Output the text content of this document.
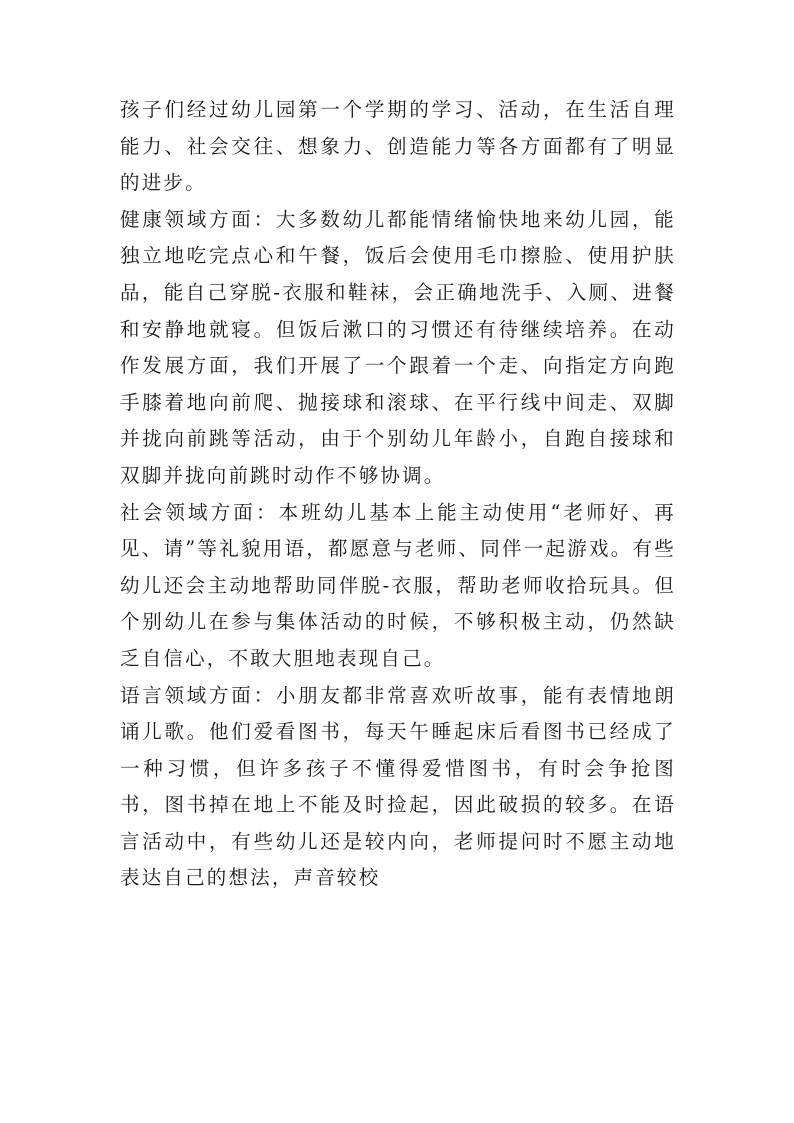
孩子们经过幼儿园第一个学期的学习、活动，在生活自理能力、社会交往、想象力、创造能力等各方面都有了明显的进步。

健康领域方面：大多数幼儿都能情绪愉快地来幼儿园，能独立地吃完点心和午餐，饭后会使用毛巾擦脸、使用护肤品，能自己穿脱-衣服和鞋袜，会正确地洗手、入厕、进餐和安静地就寝。但饭后漱口的习惯还有待继续培养。在动作发展方面，我们开展了一个跟着一个走、向指定方向跑手膝着地向前爬、抛接球和滚球、在平行线中间走、双脚并拢向前跳等活动，由于个别幼儿年龄小，自跑自接球和双脚并拢向前跳时动作不够协调。

社会领域方面：本班幼儿基本上能主动使用“老师好、再见、请”等礼貌用语，都愿意与老师、同伴一起游戏。有些幼儿还会主动地帮助同伴脱-衣服，帮助老师收拾玩具。但个别幼儿在参与集体活动的时候，不够积极主动，仍然缺乏自信心，不敢大胆地表现自己。

语言领域方面：小朋友都非常喜欢听故事，能有表情地朗诵儿歌。他们爱看图书，每天午睡起床后看图书已经成了一种习惯，但许多孩子不懂得爱惜图书，有时会争抢图书，图书掉在地上不能及时捡起，因此破损的较多。在语言活动中，有些幼儿还是较内向，老师提问时不愿主动地表达自己的想法，声音较校
